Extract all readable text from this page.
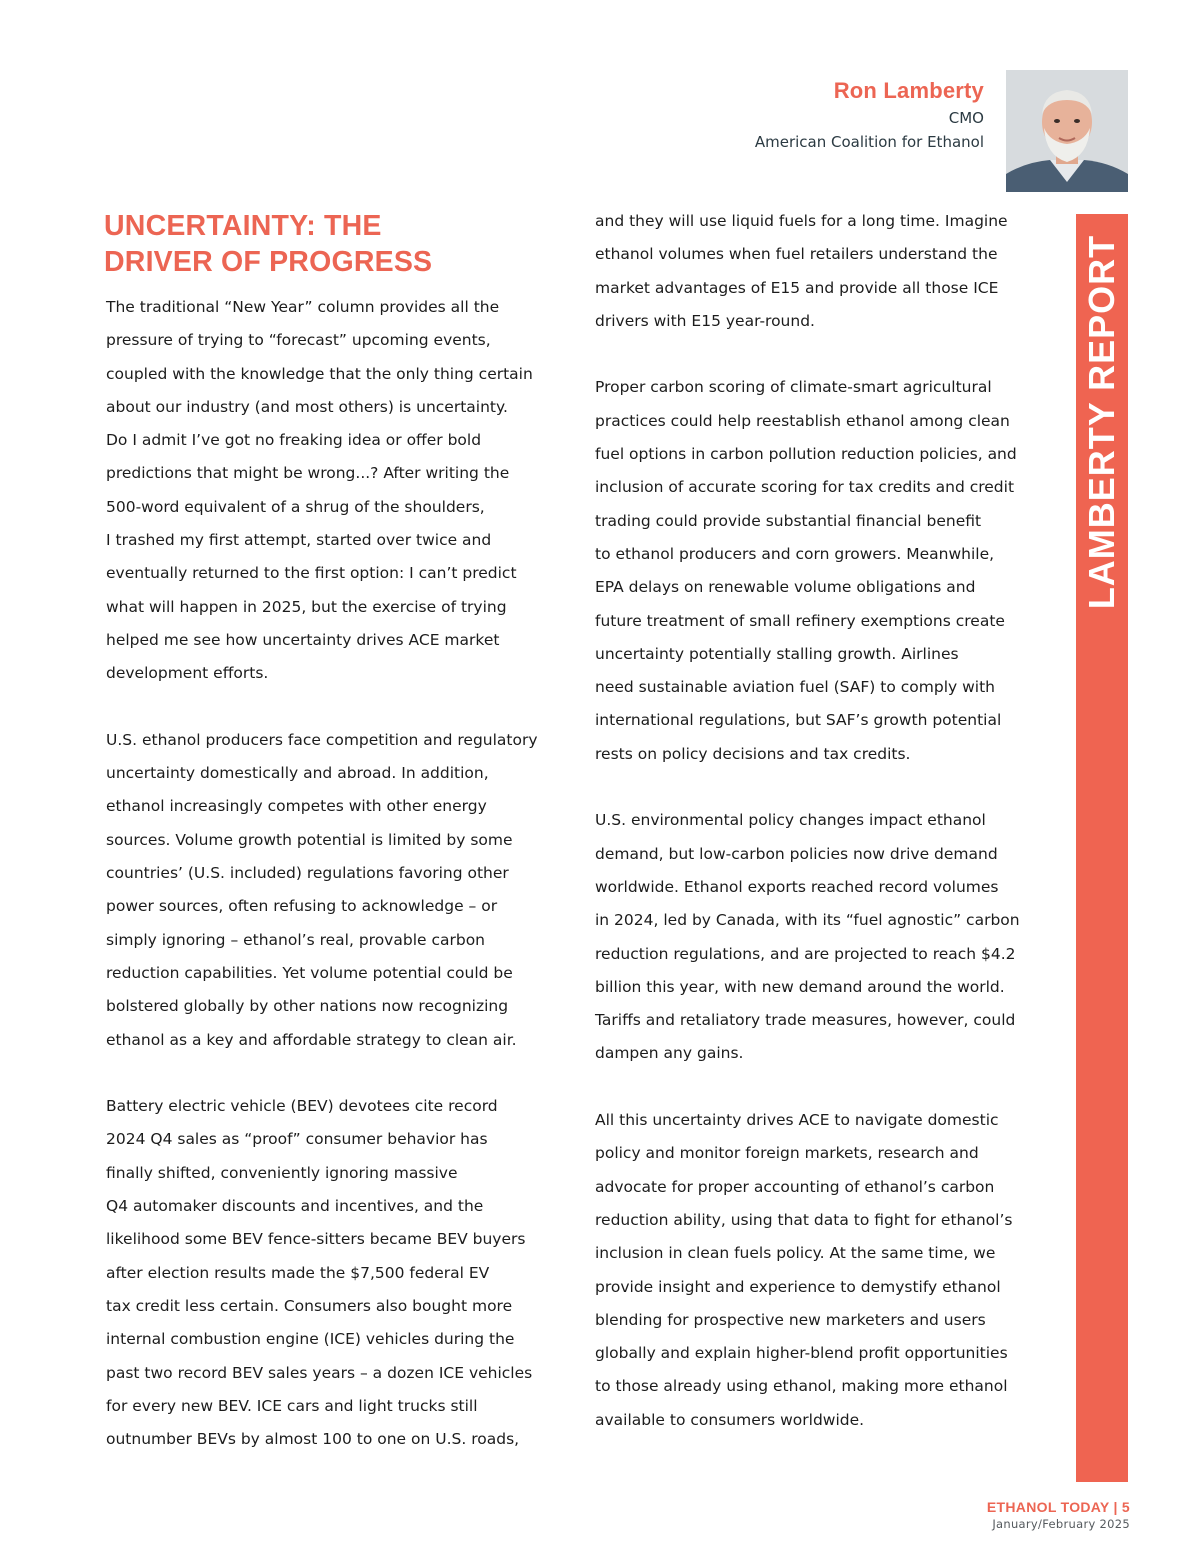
Ron Lamberty
CMO
American Coalition for Ethanol
UNCERTAINTY: THE
DRIVER OF PROGRESS
The traditional “New Year” column provides all the
pressure of trying to “forecast” upcoming events,
coupled with the knowledge that the only thing certain
about our industry (and most others) is uncertainty.
Do I admit I’ve got no freaking idea or offer bold
predictions that might be wrong...? After writing the
500-word equivalent of a shrug of the shoulders,
I trashed my first attempt, started over twice and
eventually returned to the first option: I can’t predict
what will happen in 2025, but the exercise of trying
helped me see how uncertainty drives ACE market
development efforts.
U.S. ethanol producers face competition and regulatory
uncertainty domestically and abroad. In addition,
ethanol increasingly competes with other energy
sources. Volume growth potential is limited by some
countries’ (U.S. included) regulations favoring other
power sources, often refusing to acknowledge – or
simply ignoring – ethanol’s real, provable carbon
reduction capabilities. Yet volume potential could be
bolstered globally by other nations now recognizing
ethanol as a key and affordable strategy to clean air.
Battery electric vehicle (BEV) devotees cite record
2024 Q4 sales as “proof” consumer behavior has
finally shifted, conveniently ignoring massive
Q4 automaker discounts and incentives, and the
likelihood some BEV fence-sitters became BEV buyers
after election results made the $7,500 federal EV
tax credit less certain. Consumers also bought more
internal combustion engine (ICE) vehicles during the
past two record BEV sales years – a dozen ICE vehicles
for every new BEV. ICE cars and light trucks still
outnumber BEVs by almost 100 to one on U.S. roads,
and they will use liquid fuels for a long time. Imagine
ethanol volumes when fuel retailers understand the
market advantages of E15 and provide all those ICE
drivers with E15 year-round.
Proper carbon scoring of climate-smart agricultural
practices could help reestablish ethanol among clean
fuel options in carbon pollution reduction policies, and
inclusion of accurate scoring for tax credits and credit
trading could provide substantial financial benefit
to ethanol producers and corn growers. Meanwhile,
EPA delays on renewable volume obligations and
future treatment of small refinery exemptions create
uncertainty potentially stalling growth. Airlines
need sustainable aviation fuel (SAF) to comply with
international regulations, but SAF’s growth potential
rests on policy decisions and tax credits.
U.S. environmental policy changes impact ethanol
demand, but low-carbon policies now drive demand
worldwide. Ethanol exports reached record volumes
in 2024, led by Canada, with its “fuel agnostic” carbon
reduction regulations, and are projected to reach $4.2
billion this year, with new demand around the world.
Tariffs and retaliatory trade measures, however, could
dampen any gains.
All this uncertainty drives ACE to navigate domestic
policy and monitor foreign markets, research and
advocate for proper accounting of ethanol’s carbon
reduction ability, using that data to fight for ethanol’s
inclusion in clean fuels policy. At the same time, we
provide insight and experience to demystify ethanol
blending for prospective new marketers and users
globally and explain higher-blend profit opportunities
to those already using ethanol, making more ethanol
available to consumers worldwide.
LAMBERTY REPORT
ETHANOL TODAY | 5
January/February 2025
